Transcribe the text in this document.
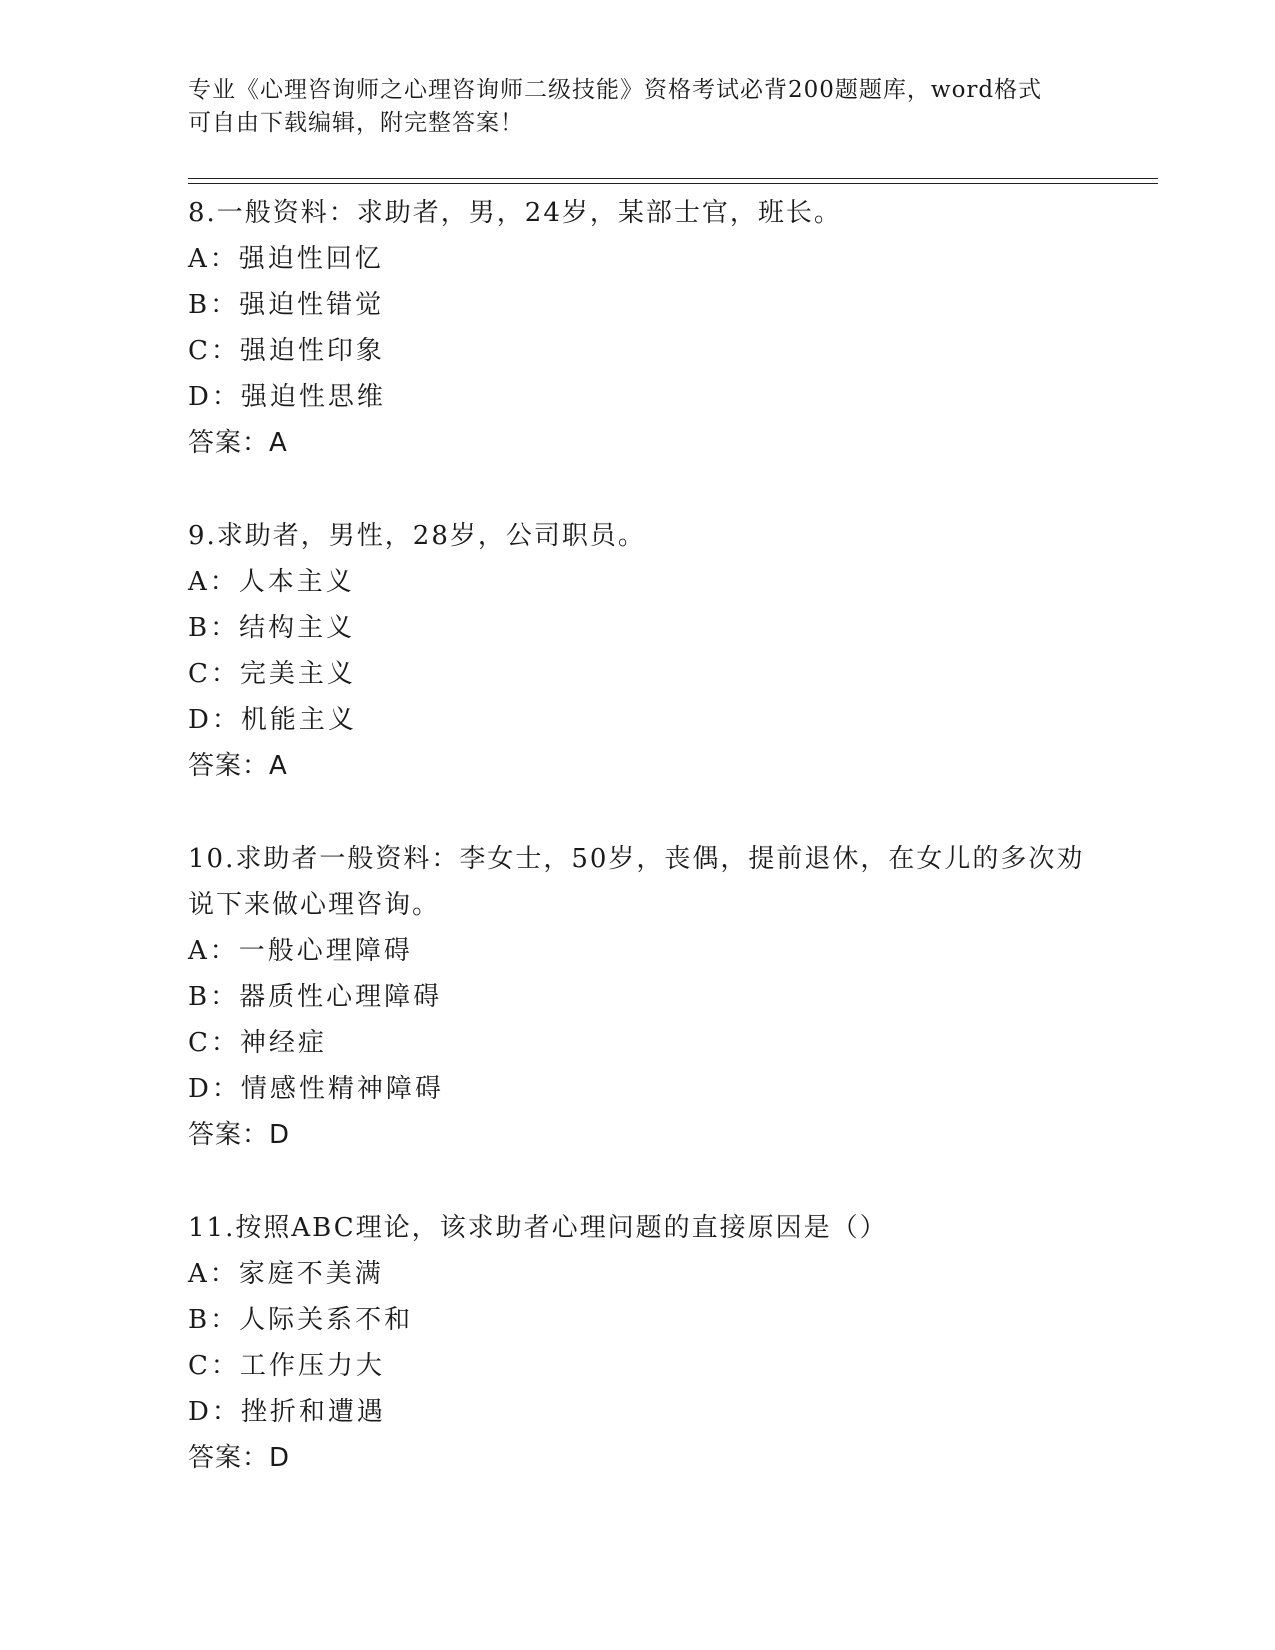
专业《心理咨询师之心理咨询师二级技能》资格考试必背200题题库，word格式
可自由下载编辑，附完整答案！
8.一般资料：求助者，男，24岁，某部士官，班长。
A：强迫性回忆
B：强迫性错觉
C：强迫性印象
D：强迫性思维
答案：A
9.求助者，男性，28岁，公司职员。
A：人本主义
B：结构主义
C：完美主义
D：机能主义
答案：A
10.求助者一般资料：李女士，50岁，丧偶，提前退休，在女儿的多次劝说下来做心理咨询。
A：一般心理障碍
B：器质性心理障碍
C：神经症
D：情感性精神障碍
答案：D
11.按照ABC理论，该求助者心理问题的直接原因是（）
A：家庭不美满
B：人际关系不和
C：工作压力大
D：挫折和遭遇
答案：D
